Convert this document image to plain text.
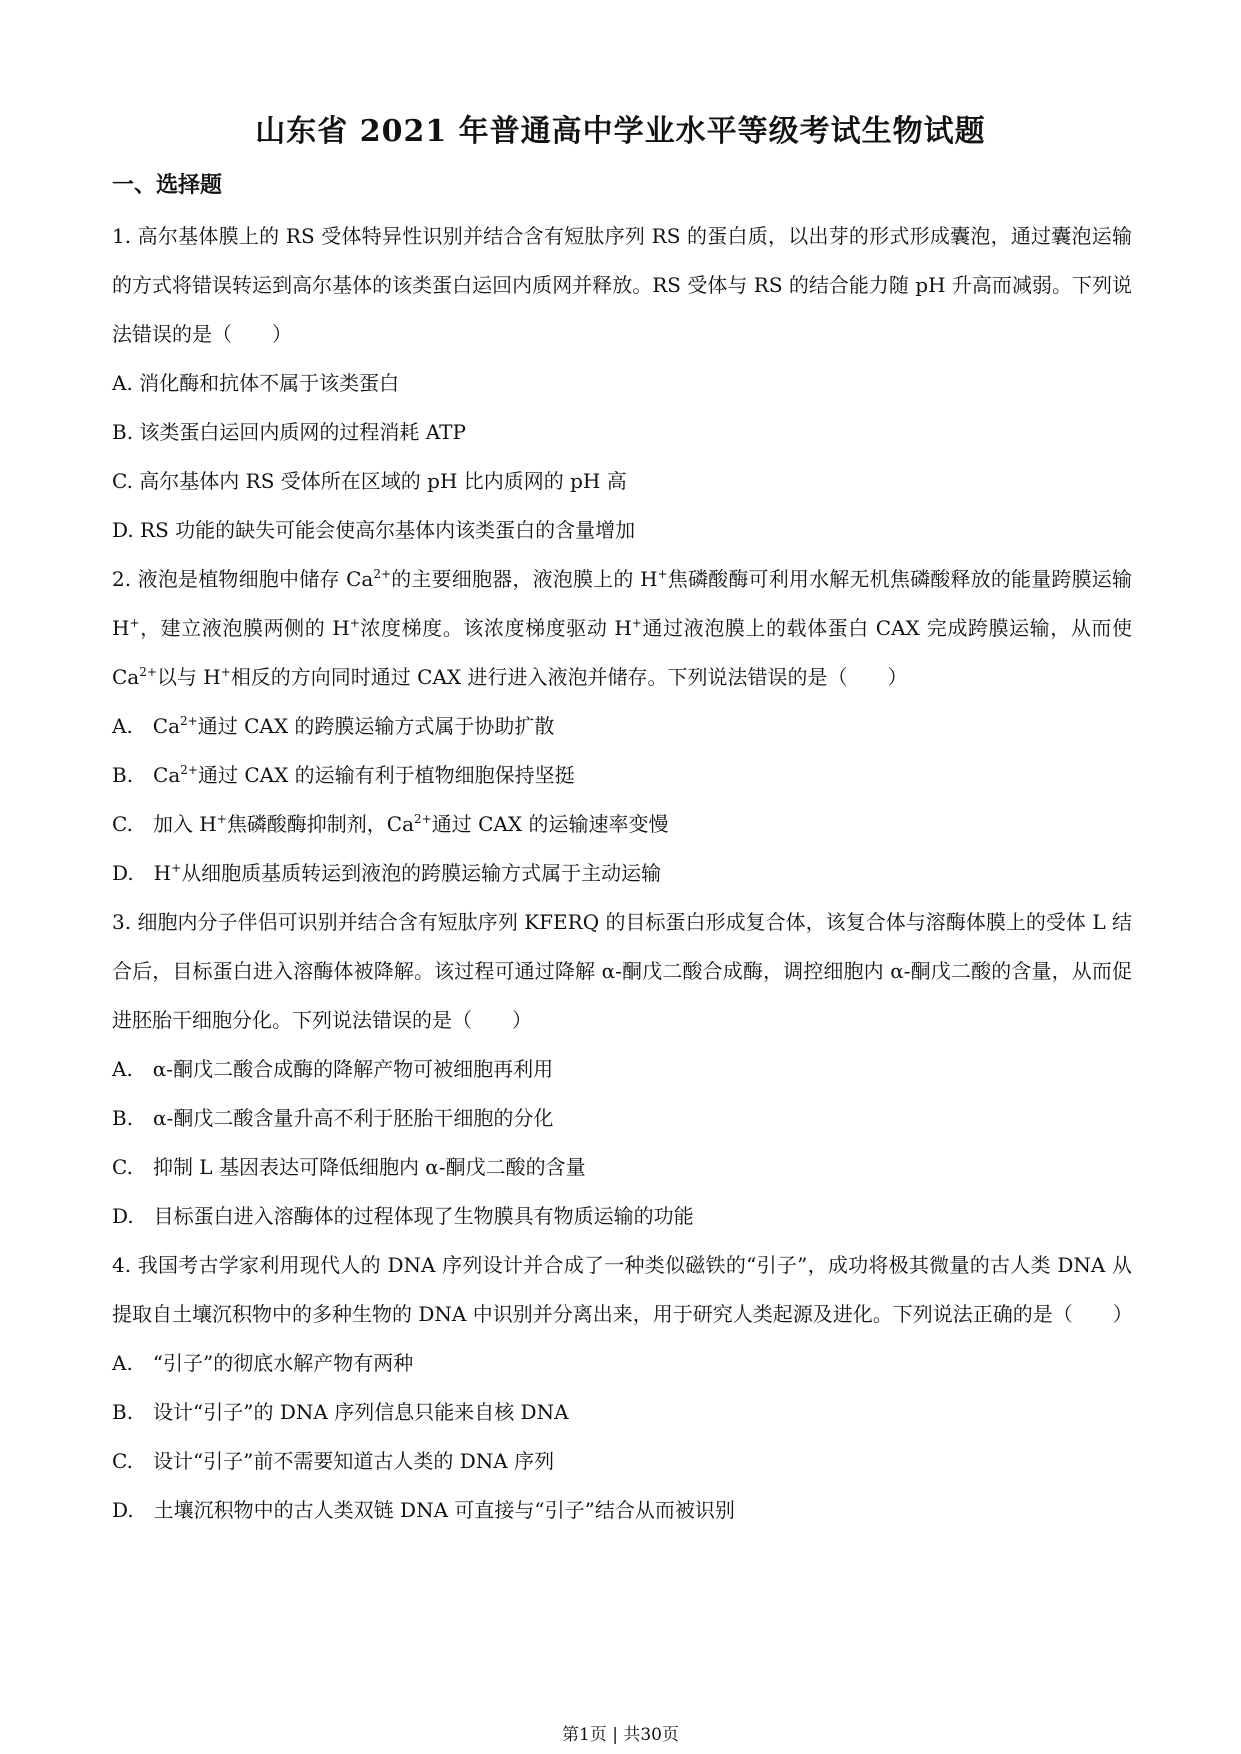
山东省 2021 年普通高中学业水平等级考试生物试题
一、选择题

1. 高尔基体膜上的 RS 受体特异性识别并结合含有短肽序列 RS 的蛋白质，以出芽的形式形成囊泡，通过囊泡运输的方式将错误转运到高尔基体的该类蛋白运回内质网并释放。RS 受体与 RS 的结合能力随 pH 升高而减弱。下列说法错误的是（　　）

A. 消化酶和抗体不属于该类蛋白

B. 该类蛋白运回内质网的过程消耗 ATP

C. 高尔基体内 RS 受体所在区域的 pH 比内质网的 pH 高

D. RS 功能的缺失可能会使高尔基体内该类蛋白的含量增加

2. 液泡是植物细胞中储存 $Ca^{2+}$的主要细胞器，液泡膜上的 H+焦磷酸酶可利用水解无机焦磷酸释放的能量跨膜运输 H+，建立液泡膜两侧的 H+浓度梯度。该浓度梯度驱动 H+通过液泡膜上的载体蛋白 CAX 完成跨膜运输，从而使 $Ca^{2+}$以与 H+相反的方向同时通过 CAX 进行进入液泡并储存。下列说法错误的是（　　）

A.　$Ca^{2+}$通过 CAX 的跨膜运输方式属于协助扩散

B.　$Ca^{2+}$通过 CAX 的运输有利于植物细胞保持坚挺

C.　加入 H+焦磷酸酶抑制剂，$Ca^{2+}$通过 CAX 的运输速率变慢

D.　H+从细胞质基质转运到液泡的跨膜运输方式属于主动运输

3. 细胞内分子伴侣可识别并结合含有短肽序列 KFERQ 的目标蛋白形成复合体，该复合体与溶酶体膜上的受体 L 结合后，目标蛋白进入溶酶体被降解。该过程可通过降解 α-酮戊二酸合成酶，调控细胞内 α-酮戊二酸的含量，从而促进胚胎干细胞分化。下列说法错误的是（　　）

A.　α-酮戊二酸合成酶的降解产物可被细胞再利用

B.　α-酮戊二酸含量升高不利于胚胎干细胞的分化

C.　抑制 L 基因表达可降低细胞内 α-酮戊二酸的含量

D.　目标蛋白进入溶酶体的过程体现了生物膜具有物质运输的功能

4. 我国考古学家利用现代人的 DNA 序列设计并合成了一种类似磁铁的“引子”，成功将极其微量的古人类 DNA 从提取自土壤沉积物中的多种生物的 DNA 中识别并分离出来，用于研究人类起源及进化。下列说法正确的是（　　）

A.　“引子”的彻底水解产物有两种

B.　设计“引子”的 DNA 序列信息只能来自核 DNA

C.　设计“引子”前不需要知道古人类的 DNA 序列

D.　土壤沉积物中的古人类双链 DNA 可直接与“引子”结合从而被识别

第1页 | 共30页
